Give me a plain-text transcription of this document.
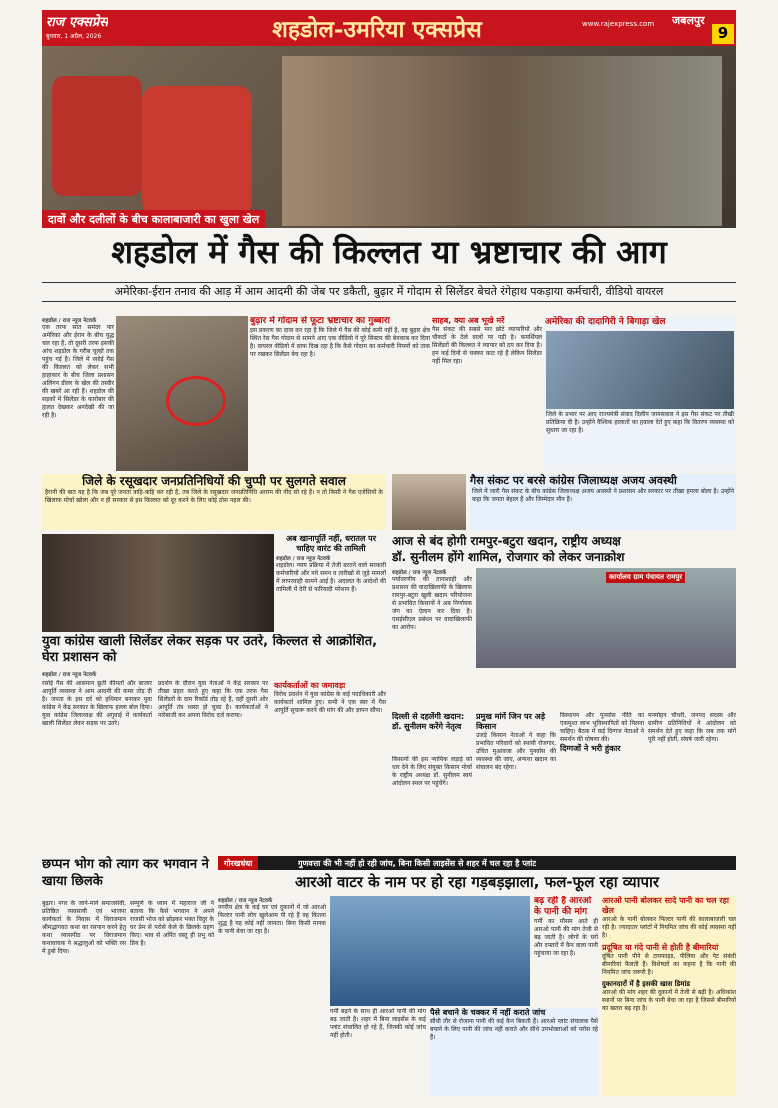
राज एक्सप्रेस
बुधवार, 1 अप्रैल, 2026	शहडोल-उमरिया एक्सप्रेस	www.rajexpress.com जबलपुर
9
दावों और दलीलों के बीच कालाबाजारी का खुला खेल
शहडोल में गैस की किल्लत या भ्रष्टाचार की आग
अमेरिका-ईरान तनाव की आड़ में आम आदमी की जेब पर डकैती, बुढ़ार में गोदाम से सिलेंडर बेचते रंगेहाथ पकड़ाया कर्मचारी, वीडियो वायरल
शहडोल / राज न्यूज नेटवर्क
एक तरफ सात समंदर पार अमेरिका और ईरान के बीच युद्ध चल रहा है, तो दूसरी तरफ इसकी आंच शहडोल के गरीब चूल्हों तक पहुंच गई है। जिले में रसोई गैस की किल्लत को लेकर सभी हाहाकार के बीच जिला प्रशासन अलिंगन डीलर के खेल की तस्वीर की खबरें आ रही हैं। शहडोल की सड़कों में सिलेंडर के कारोबार की हालत देखकर अनदेखी की जा रही है।
बुढ़ार में गोदाम से फूटा भ्रष्टाचार का गुब्बारा
इस प्रकरण का दावा कर रहा है कि जिले में गैस की कोई कमी नहीं है, वह बुढ़ार क्षेत्र स्थित रेस गैस गोदाम से सामने आए एक वीडियो ने पूरे सिस्टम की बेनकाब कर दिया है। वायरल वीडियो में साफ दिख रहा है कि कैसे गोदाम का कर्मचारी नियमों को ताक पर रखकर सिलेंडर बेच रहा है।
साहब, क्या अब भूखे मरें
गैस संकट की सबसे मार छोटे व्यापारियों और चौकटों के ठेले वालों पर पड़ी है। कमर्शियल सिलेंडरों की किल्लत ने व्यापार को ठप कर दिया है। हम कई दिनों से चक्कर काट रहे हैं लेकिन सिलेंडर नहीं मिल रहा।
अमेरिका की दादागिरी ने बिगाड़ा खेल
जिले के प्रभार पर आए राज्यमंत्री संवाद दिलीप जायसवाल ने इस गैस संकट पर तीखी प्रतिक्रिया दी है। उन्होंने वैश्विक हालातों का हवाला देते हुए कहा कि वितरण व्यवस्था को सुधारा जा रहा है।
जिले के रसूखदार जनप्रतिनिधियों की चुप्पी पर सुलगते सवाल
हैरानी की बात यह है कि जब पूरे जनता त्राहि-त्राहि कर रही है, तब जिले के रसूखदार जनप्रतिनिधि आराम की नींद सो रहे हैं। न तो किसी ने गैस एजेंसियों के खिलाफ मोर्चा खोला और न ही सरकार से इस किल्लत को दूर करने के लिए कोई ठोस पहल की।
गैस संकट पर बरसे कांग्रेस जिलाध्यक्ष अजय अवस्थी
जिले में जारी गैस संकट के बीच कांग्रेस जिलाध्यक्ष अजय अवस्थी ने प्रशासन और सरकार पर तीखा हमला बोला है। उन्होंने कहा कि जनता बेहाल है और जिम्मेदार मौन हैं।
अब खानापूर्ति नहीं, धरातल पर चाहिए वारंट की तामिली
शहडोल / राज न्यूज नेटवर्क
शहडोल। न्याय प्रक्रिया में तेजी बरतने वाले सरकारी कर्मचारियों और नये समन व तारीखों से जुड़े मामलों में लापरवाही सामने आई है। अदालत के आदेशों की तामिली में देरी से फरियादी परेशान हैं।
युवा कांग्रेस खाली सिलेंडर लेकर सड़क पर उतरे, किल्लत से आक्रोशित, घेरा प्रशासन को
शहडोल / राज न्यूज नेटवर्क
रसोई गैस की आसमान छूती कीमतों और बाजार आपूर्ति व्यवस्था ने आम आदमी की कमर तोड़ दी है। जनता के इस दर्द को हथियार बनाकर युवा कांग्रेस ने केंद्र सरकार के खिलाफ हल्ला बोल दिया। युवा कांग्रेस जिलाध्यक्ष की अगुवाई में कार्यकर्ता खाली सिलेंडर लेकर सड़क पर उतरे।
प्रदर्शन के दौरान युवा नेताओं ने केंद्र सरकार पर तीखा प्रहार करते हुए कहा कि एक तरफ गैस सिलेंडरों के दाम रिकॉर्ड तोड़ रहे हैं, वहीं दूसरी ओर आपूर्ति तंत्र ध्वस्त हो चुका है। कार्यकर्ताओं ने नारेबाजी कर अपना विरोध दर्ज कराया।
कार्यकर्ताओं का जमावड़ा
विरोध प्रदर्शन में युवा कांग्रेस के कई पदाधिकारी और कार्यकर्ता शामिल हुए। सभी ने एक स्वर में गैस आपूर्ति सुचारू करने की मांग की और ज्ञापन सौंपा।
आज से बंद होगी रामपुर-बटुरा खदान, राष्ट्रीय अध्यक्ष
डॉ. सुनीलम होंगे शामिल, रोजगार को लेकर जनाक्रोश
शहडोल / राज न्यूज नेटवर्क
पर्यावरणीय की तानाशाही और प्रशासन की वादाखिलाफी के खिलाफ रामपुर-बटुरा खुली खदान परियोजना से प्रभावित किसानों ने अब निर्णायक जंग का ऐलान कर दिया है। एसईसीएल प्रबंधन पर वादाखिलाफी का आरोप।
कार्यालय ग्राम पंचायत रामपुर
दिल्ली से दहलेंगी खदान: डॉ. सुनीलम करेंगे नेतृत्व
किसानों की इस न्यायिक लड़ाई को धार देने के लिए संयुक्त किसान मोर्चा के राष्ट्रीय अध्यक्ष डॉ. सुनीलम स्वयं आंदोलन स्थल पर पहुंचेंगे।
प्रमुख मांगें जिन पर अड़े किसान
उजड़े किसान नेताओं ने कहा कि प्रभावित परिवारों को स्थायी रोजगार, उचित मुआवजा और पुनर्वास की व्यवस्था की जाए, अन्यथा खदान का संचालन बंद रहेगा।
विस्थापन और पुनर्वास नीति का एकमुश्त लाभ भूविस्थापितों को मिलना चाहिए। बैठक में कई दिग्गज नेताओं ने समर्थन की घोषणा की।
दिग्गजों ने भरी हुंकार
मनमोहन चौधरी, जनपद सदस्य और ग्रामीण प्रतिनिधियों ने आंदोलन को समर्थन देते हुए कहा कि जब तक मांगें पूरी नहीं होतीं, संघर्ष जारी रहेगा।
छप्पन भोग को त्याग कर भगवान ने खाया छिलके
बुढ़ार। नगर के जाने-माने समाजसेवी, प्रतिष्ठित व्यवसायी एवं भाजपा कार्यकर्ता के निवास में विराजमान श्रीमद्भागवत कथा का रसपान करने हेतु कथा व्यासपीठ पर विराजमान कथावाचक ने श्रद्धालुओं को भक्ति रस में डुबो दिया।
सम्पूर्ण के ध्यान में महाराज जी ने बताया कि कैसे भगवान ने अपने राजसी भोज को छोड़कर भक्त विदुर के घर प्रेम से परोसे केले के छिलके ग्रहण किए। भाव से अर्पित वस्तु ही प्रभु को प्रिय है।
गोरखधंधा	गुणवत्ता की भी नहीं हो रही जांच, बिना किसी लाइसेंस से शहर में चल रहा है प्लांट
आरओ वाटर के नाम पर हो रहा गड़बड़झाला, फल-फूल रहा व्यापार
शहडोल / राज न्यूज नेटवर्क
नगरीय क्षेत्र के कई घर एवं दुकानों में जो आरओ फिल्टर पानी लोग खुलेआम पी रहे हैं वह कितना शुद्ध है यह कोई नहीं जानता। बिना किसी मानक के पानी बेचा जा रहा है।
गर्मी बढ़ने के साथ ही आरओ पानी की मांग बढ़ जाती है। शहर में बिना लाइसेंस के कई प्लांट संचालित हो रहे हैं, जिनकी कोई जांच नहीं होती।
बढ़ रही है आरओ के पानी की मांग
गर्मी का मौसम आते ही आरओ पानी की मांग तेजी से बढ़ जाती है। लोगों के घरों और दफ्तरों में कैन वाला पानी पहुंचाया जा रहा है।
पैसे बचाने के चक्कर में नहीं कराते जांच
सीधी तौर से रोजाना पानी की कई कैन बिकती हैं। आरओ प्लांट संचालक पैसे बचाने के लिए पानी की जांच नहीं कराते और सीधे उपभोक्ताओं को परोस रहे हैं।
आरओ पानी बोलकर सादे पानी का चल रहा खेल
आरओ के पानी बोलकर फिल्टर पानी की कालाबाजारी चल रही है। ज्यादातर प्लांटों में नियमित जांच की कोई व्यवस्था नहीं है।
प्रदूषित या गंदे पानी से होती है बीमारियां
दूषित पानी पीने से टायफाइड, पीलिया और पेट संबंधी बीमारियां फैलती हैं। विशेषज्ञों का कहना है कि पानी की नियमित जांच जरूरी है।
दुकानदारों में है इसकी खास डिमांड
आरओ की मांग शहर की दुकानों में तेजी से बढ़ी है। अधिकांश स्थानों पर बिना जांच के पानी बेचा जा रहा है जिससे बीमारियों का खतरा बढ़ रहा है।
